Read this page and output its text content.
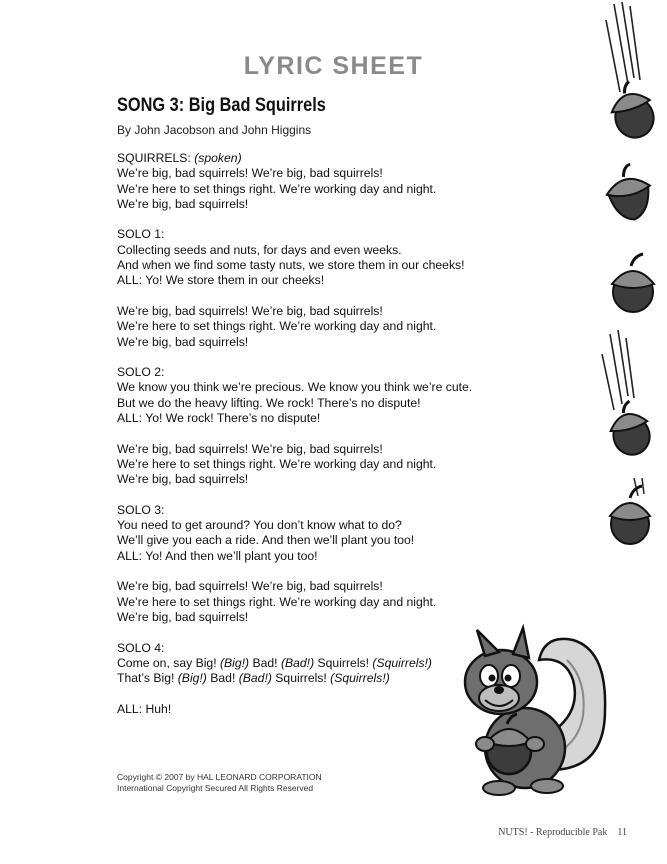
LYRIC SHEET
SONG 3: Big Bad Squirrels
By John Jacobson and John Higgins
SQUIRRELS: (spoken)
We’re big, bad squirrels! We’re big, bad squirrels!
We’re here to set things right. We’re working day and night.
We’re big, bad squirrels!
SOLO 1:
Collecting seeds and nuts, for days and even weeks.
And when we find some tasty nuts, we store them in our cheeks!
ALL: Yo! We store them in our cheeks!
We’re big, bad squirrels! We’re big, bad squirrels!
We’re here to set things right. We’re working day and night.
We’re big, bad squirrels!
SOLO 2:
We know you think we’re precious. We know you think we’re cute.
But we do the heavy lifting. We rock! There’s no dispute!
ALL: Yo! We rock! There’s no dispute!
We’re big, bad squirrels! We’re big, bad squirrels!
We’re here to set things right. We’re working day and night.
We’re big, bad squirrels!
SOLO 3:
You need to get around? You don’t know what to do?
We’ll give you each a ride. And then we’ll plant you too!
ALL: Yo! And then we’ll plant you too!
We’re big, bad squirrels! We’re big, bad squirrels!
We’re here to set things right. We’re working day and night.
We’re big, bad squirrels!
SOLO 4:
Come on, say Big! (Big!) Bad! (Bad!) Squirrels! (Squirrels!)
That’s Big! (Big!) Bad! (Bad!) Squirrels! (Squirrels!)
ALL: Huh!
Copyright © 2007 by HAL LEONARD CORPORATION
International Copyright Secured All Rights Reserved
NUTS! - Reproducible Pak 11
